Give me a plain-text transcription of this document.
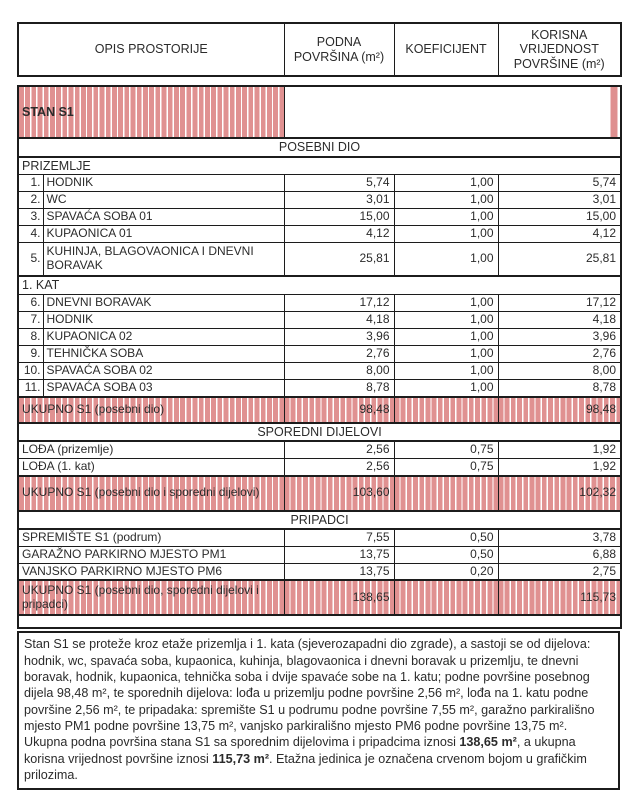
OPIS PROSTORIJE	PODNA POVRŠINA (m²)	KOEFICIJENT	KORISNA VRIJEDNOST POVRŠINE (m²)
STAN S1				
POSEBNI DIO				
PRIZEMLJE				
1.	HODNIK	5,74	1,00	5,74
2.	WC	3,01	1,00	3,01
3.	SPAVAĆA SOBA 01	15,00	1,00	15,00
4.	KUPAONICA 01	4,12	1,00	4,12
5.	KUHINJA, BLAGOVAONICA I DNEVNI BORAVAK	25,81	1,00	25,81
1. KAT				
6.	DNEVNI BORAVAK	17,12	1,00	17,12
7.	HODNIK	4,18	1,00	4,18
8.	KUPAONICA 02	3,96	1,00	3,96
9.	TEHNIČKA SOBA	2,76	1,00	2,76
10.	SPAVAĆA SOBA 02	8,00	1,00	8,00
11.	SPAVAĆA SOBA 03	8,78	1,00	8,78
UKUPNO S1 (posebni dio)		98,48		98,48
SPOREDNI DIJELOVI				
LOĐA (prizemlje)		2,56	0,75	1,92
LOĐA (1. kat)		2,56	0,75	1,92
UKUPNO S1 (posebni dio i sporedni dijelovi)		103,60		102,32
PRIPADCI				
SPREMIŠTE S1 (podrum)		7,55	0,50	3,78
GARAŽNO PARKIRNO MJESTO PM1		13,75	0,50	6,88
VANJSKO PARKIRNO MJESTO PM6		13,75	0,20	2,75
UKUPNO S1 (posebni dio, sporedni dijelovi i pripadci)		138,65		115,73

Stan S1 se proteže kroz etaže prizemlja i 1. kata (sjeverozapadni dio zgrade), a sastoji se od dijelova: hodnik, wc, spavaća soba, kupaonica, kuhinja, blagovaonica i dnevni boravak u prizemlju, te dnevni boravak, hodnik, kupaonica, tehnička soba i dvije spavaće sobe na 1. katu; podne površine posebnog dijela 98,48 m², te sporednih dijelova: lođa u prizemlju podne površine 2,56 m², lođa na 1. katu podne površine 2,56 m², te pripadaka: spremište S1 u podrumu podne površine 7,55 m², garažno parkirališno mjesto PM1 podne površine 13,75 m², vanjsko parkirališno mjesto PM6 podne površine 13,75 m². Ukupna podna površina stana S1 sa sporednim dijelovima i pripadcima iznosi 138,65 m², a ukupna korisna vrijednost površine iznosi 115,73 m². Etažna jedinica je označena crvenom bojom u grafičkim prilozima.
